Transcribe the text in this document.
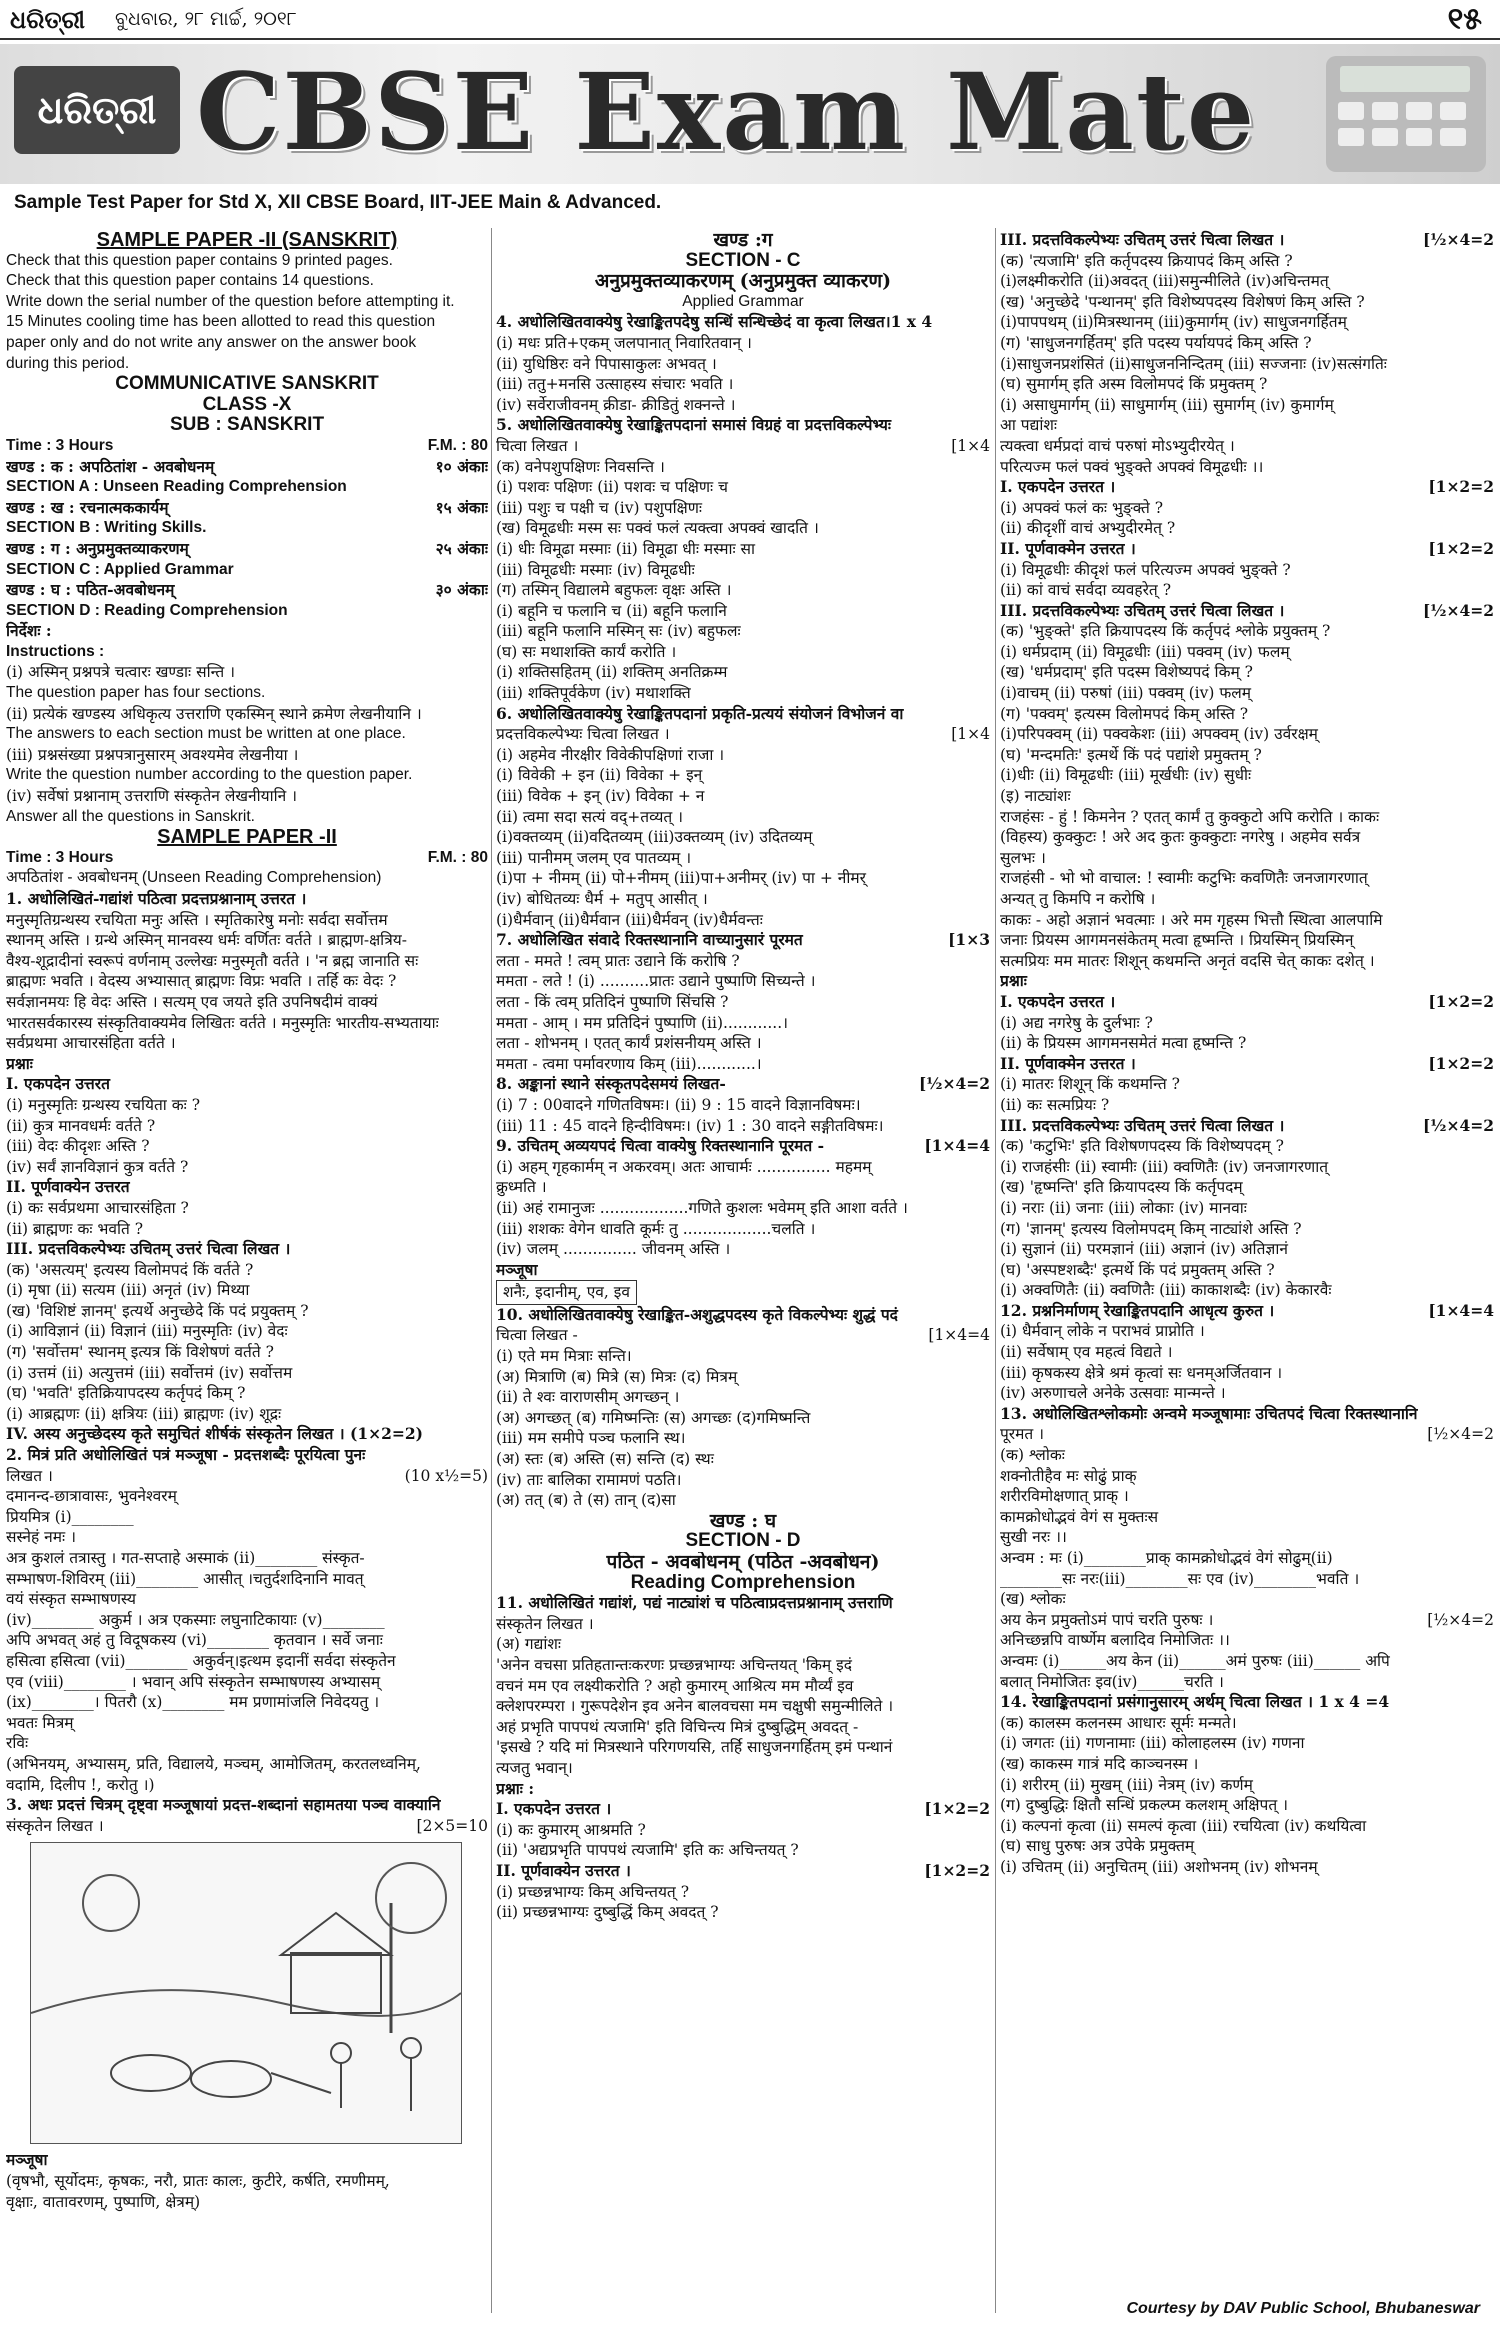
ଧରିତ୍ରୀ ବୁଧବାର, ୨୮ ମାର୍ଚ୍ଚ, ୨୦୧୮	୧୫
ଧରିତ୍ରୀ CBSE Exam Mate
Sample Test Paper for Std X, XII CBSE Board, IIT-JEE Main & Advanced.
SAMPLE PAPER -II (SANSKRIT)
Check that this question paper contains 9 printed pages.
Check that this question paper contains 14 questions.
Write down the serial number of the question before attempting it.
15 Minutes cooling time has been allotted to read this question
paper only and do not write any answer on the answer book
during this period.
COMMUNICATIVE SANSKRIT
CLASS -X
SUB : SANSKRIT
F.M. : 80
Time : 3 Hours
१० अंकाः
खण्ड : क : अपठितांश - अवबोधनम्
SECTION A : Unseen Reading Comprehension
१५ अंकाः
खण्ड : ख : रचनात्मककार्यम्
SECTION B : Writing Skills.
२५ अंकाः
खण्ड : ग : अनुप्रमुक्तव्याकरणम्
SECTION C : Applied Grammar
३० अंकाः
खण्ड : घ : पठित-अवबोधनम्
SECTION D : Reading Comprehension
निर्देशः :
Instructions :
(i) अस्मिन् प्रश्नपत्रे चत्वारः खण्डाः सन्ति ।
The question paper has four sections.
(ii) प्रत्येकं खण्डस्य अधिकृत्य उत्तराणि एकस्मिन् स्थाने क्रमेण लेखनीयानि ।
The answers to each section must be written at one place.
(iii) प्रश्नसंख्या प्रश्नपत्रानुसारम् अवश्यमेव लेखनीया ।
Write the question number according to the question paper.
(iv) सर्वेषां प्रश्नानाम् उत्तराणि संस्कृतेन लेखनीयानि ।
Answer all the questions in Sanskrit.
SAMPLE PAPER -II
F.M. : 80
Time : 3 Hours
अपठितांश - अवबोधनम् (Unseen Reading Comprehension)
1. अधोलिखितं-गद्यांशं पठित्वा प्रदत्तप्रश्नानाम् उत्तरत ।
मनुस्मृतिग्रन्थस्य रचयिता मनुः अस्ति । स्मृतिकारेषु मनोः सर्वदा सर्वोत्तम
स्थानम् अस्ति । ग्रन्थे अस्मिन् मानवस्य धर्मः वर्णितः वर्तते । ब्राह्मण-क्षत्रिय-
वैश्य-शूद्रादीनां स्वरूपं वर्णनाम् उल्लेखः मनुस्मृतौ वर्तते । 'न ब्रह्म जानाति सः
ब्राह्मणः भवति । वेदस्य अभ्यासात् ब्राह्मणः विप्रः भवति । तर्हि कः वेदः ?
सर्वज्ञानमयः हि वेदः अस्ति । सत्यम् एव जयते इति उपनिषदीमं वाक्यं
भारतसर्वकारस्य संस्कृतिवाक्यमेव लिखितः वर्तते । मनुस्मृतिः भारतीय-सभ्यतायाः
सर्वप्रथमा आचारसंहिता वर्तते ।
प्रश्नाः
I. एकपदेन उत्तरत
(i) मनुस्मृतिः ग्रन्थस्य रचयिता कः ?
(ii) कुत्र मानवधर्मः वर्तते ?
(iii) वेदः कीदृशः अस्ति ?
(iv) सर्वं ज्ञानविज्ञानं कुत्र वर्तते ?
II. पूर्णवाक्येन उत्तरत
(i) कः सर्वप्रथमा आचारसंहिता ?
(ii) ब्राह्मणः कः भवति ?
III. प्रदत्तविकल्पेभ्यः उचितम् उत्तरं चित्वा लिखत ।
(क) 'असत्यम्' इत्यस्य विलोमपदं किं वर्तते ?
(i) मृषा (ii) सत्यम (iii) अनृतं (iv) मिथ्या
(ख) 'विशिष्टं ज्ञानम्' इत्यर्थे अनुच्छेदे किं पदं प्रयुक्तम् ?
(i) आविज्ञानं (ii) विज्ञानं (iii) मनुस्मृतिः (iv) वेदः
(ग) 'सर्वोत्तम' स्थानम् इत्यत्र किं विशेषणं वर्तते ?
(i) उत्तमं (ii) अत्युत्तमं (iii) सर्वोत्तमं (iv) सर्वोत्तम
(घ) 'भवति' इतिक्रियापदस्य कर्तृपदं किम् ?
(i) आब्रह्मणः (ii) क्षत्रियः (iii) ब्राह्मणः (iv) शूद्रः
IV. अस्य अनुच्छेदस्य कृते समुचितं शीर्षकं संस्कृतेन लिखत । (1×2=2)
2. मित्रं प्रति अधोलिखितं पत्रं मञ्जूषा - प्रदत्तशब्दैः पूरयित्वा पुनः
(10 x½=5)
लिखत ।
दमानन्द-छात्रावासः, भुवनेश्वरम्
प्रियमित्र (i)________
सस्नेहं नमः ।
अत्र कुशलं तत्रास्तु । गत-सप्ताहे अस्माकं (ii)________ संस्कृत-
सम्भाषण-शिविरम् (iii)________ आसीत् ।चतुर्दशदिनानि मावत्
वयं संस्कृत सम्भाषणस्य
(iv)________ अकुर्म । अत्र एकस्माः लघुनाटिकायाः (v)________
अपि अभवत् अहं तु विदूषकस्य (vi)________ कृतवान । सर्वे जनाः
हसित्वा हसित्वा (vii)________ अकुर्वन्।इत्थम इदानीं सर्वदा संस्कृतेन
एव (viii)________ । भवान् अपि संस्कृतेन सम्भाषणस्य अभ्यासम्
(ix)________। पितरौ (x)________ मम प्रणामांजलि निवेदयतु ।
भवतः मित्रम्
रविः
(अभिनयम्, अभ्यासम्, प्रति, विद्यालये, मञ्चम्, आमोजितम्, करतलध्वनिम्,
वदामि, दिलीप !, करोतु ।)
3. अधः प्रदत्तं चित्रम् दृष्ट्वा मञ्जूषायां प्रदत्त-शब्दानां सहामतया पञ्च वाक्यानि
[2×5=10
संस्कृतेन लिखत ।
मञ्जूषा
(वृषभौ, सूर्योदमः, कृषकः, नरौ, प्रातः कालः, कुटीरे, कर्षति, रमणीमम्,
वृक्षाः, वातावरणम्, पुष्पाणि, क्षेत्रम्)
खण्ड :ग
SECTION - C
अनुप्रमुक्तव्याकरणम् (अनुप्रमुक्त व्याकरण)
Applied Grammar
4. अधोलिखितवाक्येषु रेखाङ्कितपदेषु सन्धिं सन्धिच्छेदं वा कृत्वा लिखत।1 x 4
(i) मधः प्रति+एकम् जलपानात् निवारितवान् ।
(ii) युधिष्ठिरः वने पिपासाकुलः अभवत् ।
(iii) ततु+मनसि उत्साहस्य संचारः भवति ।
(iv) सर्वेराजीवनम् क्रीडा- क्रीडितुं शक्नन्ते ।
5. अधोलिखितवाक्येषु रेखाङ्कितपदानां समासं विग्रहं वा प्रदत्तविकल्पेभ्यः
[1×4
चित्वा लिखत ।
(क) वनेपशुपक्षिणः निवसन्ति ।
(i) पशवः पक्षिणः (ii) पशवः च पक्षिणः च
(iii) पशुः च पक्षी च (iv) पशुपक्षिणः
(ख) विमूढधीः मस्म सः पक्वं फलं त्यक्त्वा अपक्वं खादति ।
(i) धीः विमूढा मस्माः (ii) विमूढा धीः मस्माः सा
(iii) विमूढधीः मस्माः (iv) विमूढधीः
(ग) तस्मिन् विद्यालमे बहुफलः वृक्षः अस्ति ।
(i) बहूनि च फलानि च (ii) बहूनि फलानि
(iii) बहूनि फलानि मस्मिन् सः (iv) बहुफलः
(घ) सः मथाशक्ति कार्यं करोति ।
(i) शक्तिसहितम् (ii) शक्तिम् अनतिक्रम्म
(iii) शक्तिपूर्वकेण (iv) मथाशक्ति
6. अधोलिखितवाक्येषु रेखाङ्कितपदानां प्रकृति-प्रत्ययं संयोजनं विभोजनं वा
[1×4
प्रदत्तविकल्पेभ्यः चित्वा लिखत ।
(i) अहमेव नीरक्षीर विवेकीपक्षिणां राजा ।
(i) विवेकी + इन (ii) विवेका + इन्
(iii) विवेक + इन् (iv) विवेका + न
(ii) त्वमा सदा सत्यं वद्+तव्यत् ।
(i)वक्तव्यम् (ii)वदितव्यम् (iii)उक्तव्यम् (iv) उदितव्यम्
(iii) पानीमम् जलम् एव पातव्यम् ।
(i)पा + नीमम् (ii) पो+नीमम् (iii)पा+अनीमर् (iv) पा + नीमर्
(iv) बोधितव्यः धैर्म + मतुप् आसीत् ।
(i)धैर्मवान् (ii)धैर्मवान (iii)धैर्मवन् (iv)धैर्मवन्तः
[1×3
7. अधोलिखित संवादे रिक्तस्थानानि वाच्यानुसारं पूरमत
लता - ममते ! त्वम् प्रातः उद्याने किं करोषि ?
ममता - लते ! (i) ..........प्रातः उद्याने पुष्पाणि सिच्यन्ते ।
लता - किं त्वम् प्रतिदिनं पुष्पाणि सिंचसि ?
ममता - आम् । मम प्रतिदिनं पुष्पाणि (ii)............।
लता - शोभनम् । एतत् कार्यं प्रशंसनीयम् अस्ति ।
ममता - त्वमा पर्मावरणाय किम् (iii)............।
[½×4=2
8. अङ्कानां स्थाने संस्कृतपदेसमयं लिखत-
(i) 7 : 00वादने गणितविषमः। (ii) 9 : 15 वादने विज्ञानविषमः।
(iii) 11 : 45 वादने हिन्दीविषमः। (iv) 1 : 30 वादने सङ्गीतविषमः।
[1×4=4
9. उचितम् अव्ययपदं चित्वा वाक्येषु रिक्तस्थानानि पूरमत -
(i) अहम् गृहकार्मम् न अकरवम्। अतः आचार्मः ............... महमम्
क्रुध्मति ।
(ii) अहं रामानुजः ..................गणिते कुशलः भवेमम् इति आशा वर्तते ।
(iii) शशकः वेगेन धावति कूर्मः तु ..................चलति ।
(iv) जलम् ............... जीवनम् अस्ति ।
मञ्जूषा
शनैः, इदानीम्, एव, इव
10. अधोलिखितवाक्येषु रेखाङ्कित-अशुद्धपदस्य कृते विकल्पेभ्यः शुद्धं पदं
[1×4=4
चित्वा लिखत -
(i) एते मम मित्राः सन्ति।
(अ) मित्राणि (ब) मित्रे (स) मित्रः (द) मित्रम्
(ii) ते श्वः वाराणसीम् अगच्छन् ।
(अ) अगच्छत् (ब) गमिष्मन्तिः (स) अगच्छः (द)गमिष्मन्ति
(iii) मम समीपे पञ्च फलानि स्थ।
(अ) स्तः (ब) अस्ति (स) सन्ति (द) स्थः
(iv) ताः बालिका रामामणं पठति।
(अ) तत् (ब) ते (स) तान् (द)सा
खण्ड : घ
SECTION - D
पठित - अवबोधनम् (पठित -अवबोधन)
Reading Comprehension
11. अधोलिखितं गद्यांशं, पद्यं नाट्यांशं च पठित्वाप्रदत्तप्रश्नानाम् उत्तराणि
संस्कृतेन लिखत ।
(अ) गद्यांशः
'अनेन वचसा प्रतिहतान्तःकरणः प्रच्छन्नभाग्यः अचिन्तयत् 'किम् इदं
वचनं मम एव लक्ष्यीकरोति ? अहो कुमारम् आश्रित्य मम मौर्व्यं इव
क्लेशपरम्परा । गुरूपदेशेन इव अनेन बालवचसा मम चक्षुषी समुन्मीलिते ।
अहं प्रभृति पापपथं त्यजामि' इति विचिन्त्य मित्रं दुष्बुद्धिम् अवदत् -
'इसखे ? यदि मां मित्रस्थाने परिगणयसि, तर्हि साधुजनगर्हितम् इमं पन्थानं
त्यजतु भवान्।
प्रश्नाः :
[1×2=2
I. एकपदेन उत्तरत ।
(i) कः कुमारम् आश्रमति ?
(ii) 'अद्यप्रभृति पापपथं त्यजामि' इति कः अचिन्तयत् ?
[1×2=2
II. पूर्णवाक्येन उत्तरत ।
(i) प्रच्छन्नभाग्यः किम् अचिन्तयत् ?
(ii) प्रच्छन्नभाग्यः दुष्बुद्धिं किम् अवदत् ?
[½×4=2
III. प्रदत्तविकल्पेभ्यः उचितम् उत्तरं चित्वा लिखत ।
(क) 'त्यजामि' इति कर्तृपदस्य क्रियापदं किम् अस्ति ?
(i)लक्ष्मीकरोति (ii)अवदत् (iii)समुन्मीलिते (iv)अचिन्तमत्
(ख) 'अनुच्छेदे 'पन्थानम्' इति विशेष्यपदस्य विशेषणं किम् अस्ति ?
(i)पापपथम् (ii)मित्रस्थानम् (iii)कुमार्गम् (iv) साधुजनगर्हितम्
(ग) 'साधुजनगर्हितम्' इति पदस्य पर्यायपदं किम् अस्ति ?
(i)साधुजनप्रशंसितं (ii)साधुजननिन्दितम् (iii) सज्जनाः (iv)सत्संगतिः
(घ) सुमार्गम् इति अस्म विलोमपदं किं प्रमुक्तम् ?
(i) असाधुमार्गम् (ii) साधुमार्गम् (iii) सुमार्गम् (iv) कुमार्गम्
आ पद्यांशः
त्यक्त्वा धर्मप्रदां वाचं परुषां मोऽभ्युदीरयेत् ।
परित्यज्म फलं पक्वं भुङ्क्ते अपक्वं विमूढधीः ।।
[1×2=2
I. एकपदेन उत्तरत ।
(i) अपक्वं फलं कः भुङ्क्ते ?
(ii) कीदृशीं वाचं अभ्युदीरमेत् ?
[1×2=2
II. पूर्णवाक्मेन उत्तरत ।
(i) विमूढधीः कीदृशं फलं परित्यज्म अपक्वं भुङ्क्ते ?
(ii) कां वाचं सर्वदा व्यवहरेत् ?
[½×4=2
III. प्रदत्तविकल्पेभ्यः उचितम् उत्तरं चित्वा लिखत ।
(क) 'भुङ्क्ते' इति क्रियापदस्य किं कर्तृपदं श्लोके प्रयुक्तम् ?
(i) धर्मप्रदाम् (ii) विमूढधीः (iii) पक्वम् (iv) फलम्
(ख) 'धर्मप्रदाम्' इति पदस्म विशेष्यपदं किम् ?
(i)वाचम् (ii) परुषां (iii) पक्वम् (iv) फलम्
(ग) 'पक्वम्' इत्यस्म विलोमपदं किम् अस्ति ?
(i)परिपक्वम् (ii) पक्वकेशः (iii) अपक्वम् (iv) उर्वरक्षम्
(घ) 'मन्दमतिः' इत्मर्थे किं पदं पद्यांशे प्रमुक्तम् ?
(i)धीः (ii) विमूढधीः (iii) मूर्खधीः (iv) सुधीः
(इ) नाट्यांशः
राजहंसः - हुं ! किमनेन ? एतत् कार्मं तु कुक्कुटो अपि करोति । काकः
(विहस्य) कुक्कुटः ! अरे अद कुतः कुक्कुटाः नगरेषु । अहमेव सर्वत्र
सुलभः ।
राजहंसी - भो भो वाचाल: ! स्वामीः कटुभिः कवणितैः जनजागरणात्
अन्यत् तु किमपि न करोषि ।
काकः - अहो अज्ञानं भवत्माः । अरे मम गृहस्म भित्तौ स्थित्वा आलपामि
जनाः प्रियस्म आगमनसंकेतम् मत्वा हृष्मन्ति । प्रियस्मिन् प्रियस्मिन्
सत्मप्रियः मम मातरः शिशून् कथमन्ति अनृतं वदसि चेत् काकः दशेत् ।
प्रश्नाः
[1×2=2
I. एकपदेन उत्तरत ।
(i) अद्य नगरेषु के दुर्लभाः ?
(ii) के प्रियस्म आगमनसमेतं मत्वा हृष्मन्ति ?
[1×2=2
II. पूर्णवाक्मेन उत्तरत ।
(i) मातरः शिशून् किं कथमन्ति ?
(ii) कः सत्मप्रियः ?
[½×4=2
III. प्रदत्तविकल्पेभ्यः उचितम् उत्तरं चित्वा लिखत ।
(क) 'कटुभिः' इति विशेषणपदस्य किं विशेष्यपदम् ?
(i) राजहंसीः (ii) स्वामीः (iii) क्वणितैः (iv) जनजागरणात्
(ख) 'हृष्मन्ति' इति क्रियापदस्य किं कर्तृपदम्
(i) नराः (ii) जनाः (iii) लोकाः (iv) मानवाः
(ग) 'ज्ञानम्' इत्यस्य विलोमपदम् किम् नाट्यांशे अस्ति ?
(i) सुज्ञानं (ii) परमज्ञानं (iii) अज्ञानं (iv) अतिज्ञानं
(घ) 'अस्पष्टशब्दैः' इत्मर्थे किं पदं प्रमुक्तम् अस्ति ?
(i) अक्वणितैः (ii) क्वणितैः (iii) काकाशब्दैः (iv) केकारवैः
[1×4=4
12. प्रश्ननिर्माणम् रेखाङ्कितपदानि आधृत्य कुरुत ।
(i) धैर्मवान् लोके न पराभवं प्राप्नोति ।
(ii) सर्वेषाम् एव महत्वं विद्यते ।
(iii) कृषकस्य क्षेत्रे श्रमं कृत्वां सः धनम्अर्जितवान ।
(iv) अरुणाचले अनेके उत्सवाः मान्मन्ते ।
13. अधोलिखितश्लोकमोः अन्वमे मञ्जूषामाः उचितपदं चित्वा रिक्तस्थानानि
[½×4=2
पूरमत ।
(क) श्लोकः
शक्नोतीहैव मः सोढुं प्राक्
शरीरविमोक्षणात् प्राक् ।
कामक्रोधोद्भवं वेगं स मुक्तःस
सुखी नरः ।।
अन्वम : मः (i)________प्राक् कामक्रोधोद्भवं वेगं सोढुम्(ii)
________सः नरः(iii)________सः एव (iv)________भवति ।
(ख) श्लोकः
[½×4=2
अय केन प्रमुक्तोऽमं पापं चरति पुरुषः ।
अनिच्छन्नपि वार्ष्णेम बलादिव निमोजितः ।।
अन्वमः (i)______अय केन (ii)______अमं पुरुषः (iii)______ अपि
बलात् निमोजितः इव(iv)______चरति ।
14. रेखाङ्कितपदानां प्रसंगानुसारम् अर्थम् चित्वा लिखत । 1 x 4 =4
(क) कालस्म कलनस्म आधारः सूर्मः मन्मते।
(i) जगतः (ii) गणनामाः (iii) कोलाहलस्म (iv) गणना
(ख) काकस्म गात्रं मदि काञ्चनस्म ।
(i) शरीरम् (ii) मुखम् (iii) नेत्रम् (iv) कर्णम्
(ग) दुष्बुद्धिः क्षितौ सन्धिं प्रकल्प्म कलशम् अक्षिपत् ।
(i) कल्पनां कृत्वा (ii) समल्पं कृत्वा (iii) रचयित्वा (iv) कथयित्वा
(घ) साधु पुरुषः अत्र उपेके प्रमुक्तम्
(i) उचितम् (ii) अनुचितम् (iii) अशोभनम् (iv) शोभनम्
Courtesy by DAV Public School, Bhubaneswar
